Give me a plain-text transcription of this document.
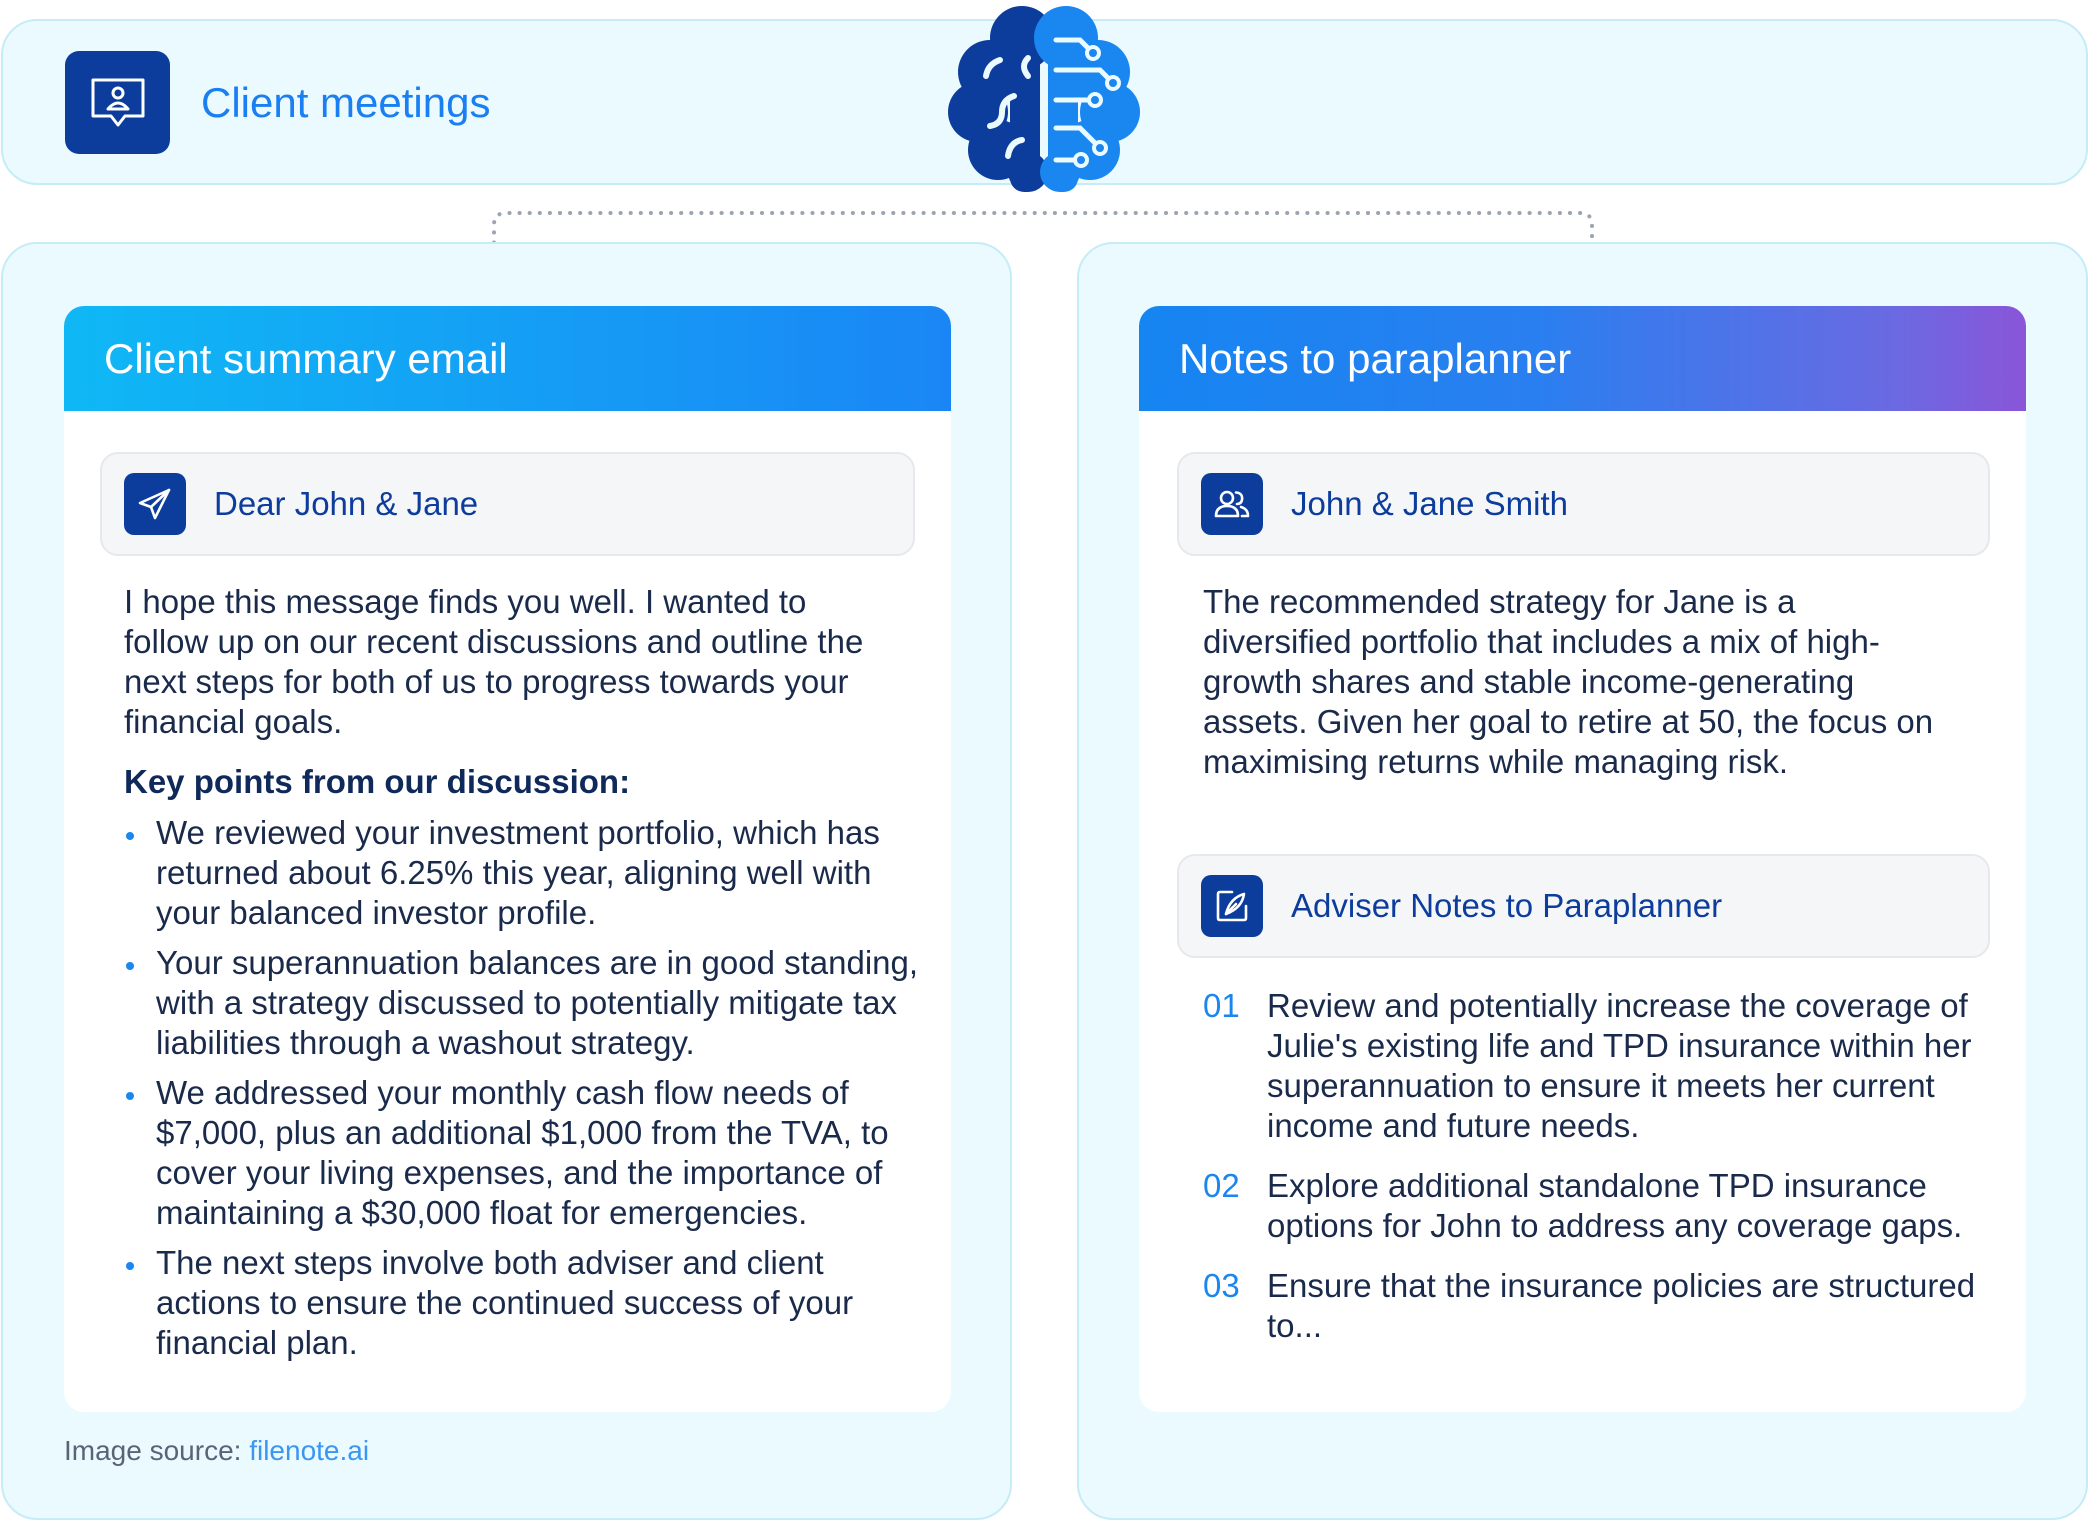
Client meetings
Client summary email
Dear John & Jane
I hope this message finds you well. I wanted to follow up on our recent discussions and outline the next steps for both of us to progress towards your financial goals.
Key points from our discussion:
We reviewed your investment portfolio, which has returned about 6.25% this year, aligning well with your balanced investor profile.
Your superannuation balances are in good standing, with a strategy discussed to potentially mitigate tax liabilities through a washout strategy.
We addressed your monthly cash flow needs of $7,000, plus an additional $1,000 from the TVA, to cover your living expenses, and the importance of maintaining a $30,000 float for emergencies.
The next steps involve both adviser and client actions to ensure the continued success of your financial plan.
Image source: filenote.ai
Notes to paraplanner
John & Jane Smith
The recommended strategy for Jane is a diversified portfolio that includes a mix of high-growth shares and stable income-generating assets. Given her goal to retire at 50, the focus on maximising returns while managing risk.
Adviser Notes to Paraplanner
01 Review and potentially increase the coverage of Julie's existing life and TPD insurance within her superannuation to ensure it meets her current income and future needs.
02 Explore additional standalone TPD insurance options for John to address any coverage gaps.
03 Ensure that the insurance policies are structured to...
